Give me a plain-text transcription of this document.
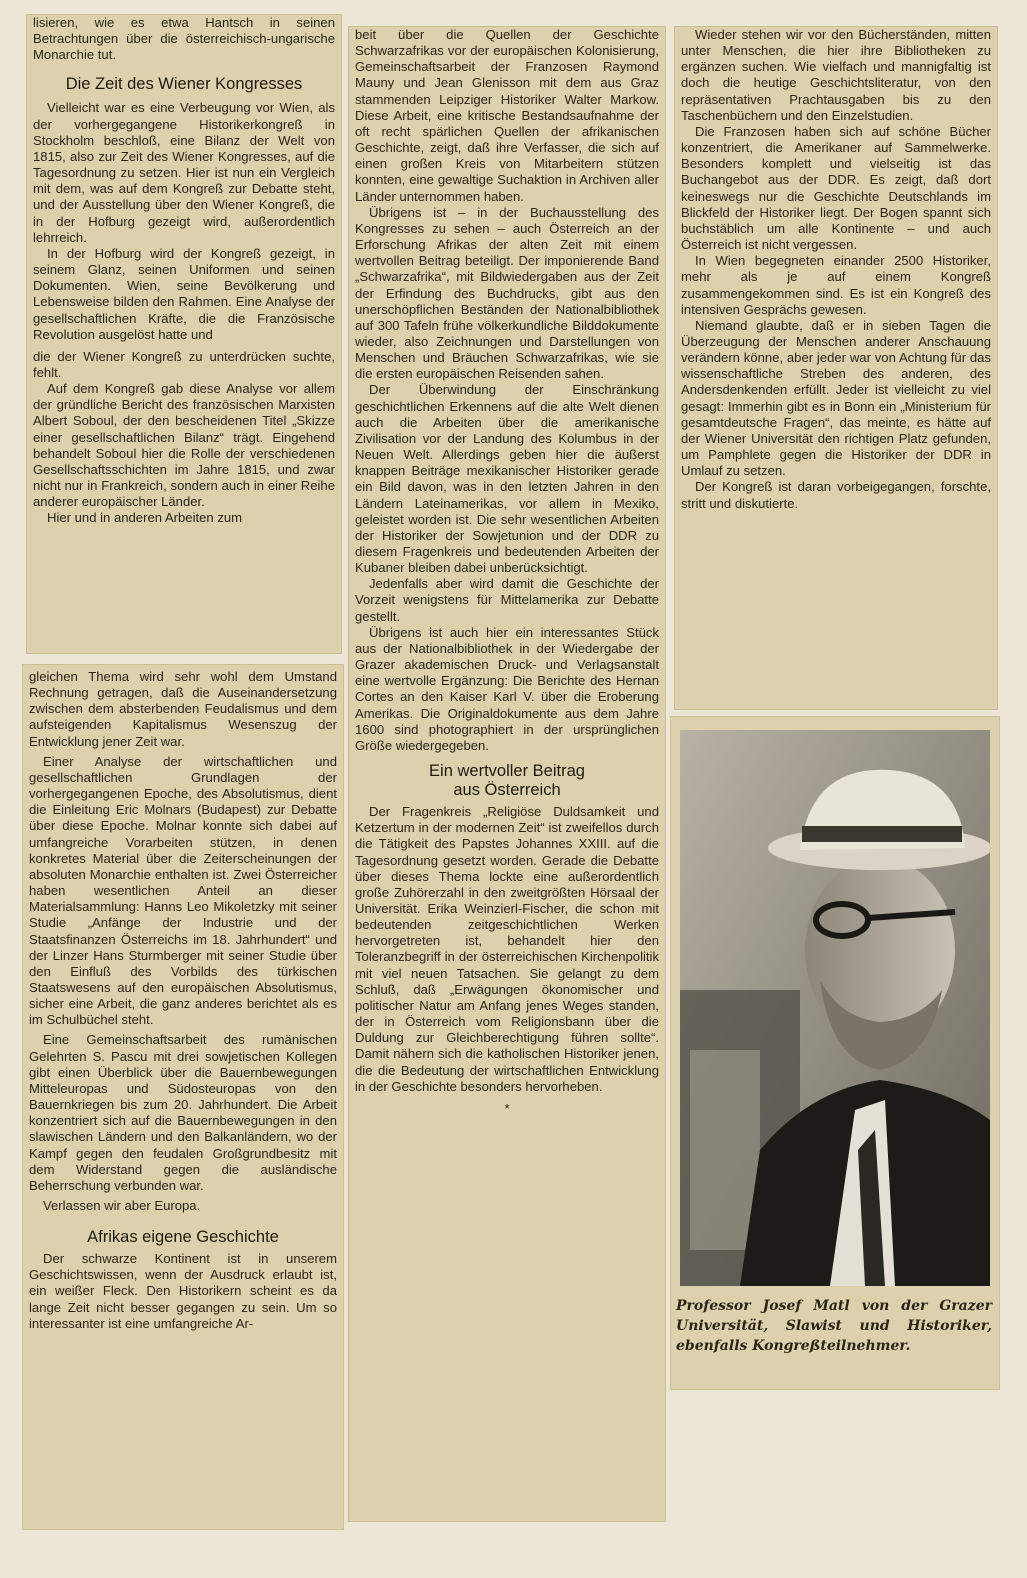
lisieren, wie es etwa Hantsch in seinen Betrachtungen über die österreichisch-ungarische Monarchie tut.

Die Zeit des Wiener Kongresses

Vielleicht war es eine Verbeugung vor Wien, als der vorhergegangene Historikerkongreß in Stockholm beschloß, eine Bilanz der Welt von 1815, also zur Zeit des Wiener Kongresses, auf die Tagesordnung zu setzen. Hier ist nun ein Vergleich mit dem, was auf dem Kongreß zur Debatte steht, und der Ausstellung über den Wiener Kongreß, die in der Hofburg gezeigt wird, außerordentlich lehrreich.

In der Hofburg wird der Kongreß gezeigt, in seinem Glanz, seinen Uniformen und seinen Dokumenten. Wien, seine Bevölkerung und Lebensweise bilden den Rahmen. Eine Analyse der gesellschaftlichen Kräfte, die die Französische Revolution ausgelöst hatte und

die der Wiener Kongreß zu unterdrücken suchte, fehlt.

Auf dem Kongreß gab diese Analyse vor allem der gründliche Bericht des französischen Marxisten Albert Soboul, der den bescheidenen Titel „Skizze einer gesellschaftlichen Bilanz“ trägt. Eingehend behandelt Soboul hier die Rolle der verschiedenen Gesellschaftsschichten im Jahre 1815, und zwar nicht nur in Frankreich, sondern auch in einer Reihe anderer europäischer Länder.

Hier und in anderen Arbeiten zum

gleichen Thema wird sehr wohl dem Umstand Rechnung getragen, daß die Auseinandersetzung zwischen dem absterbenden Feudalismus und dem aufsteigenden Kapitalismus Wesenszug der Entwicklung jener Zeit war.

Einer Analyse der wirtschaftlichen und gesellschaftlichen Grundlagen der vorhergegangenen Epoche, des Absolutismus, dient die Einleitung Eric Molnars (Budapest) zur Debatte über diese Epoche. Molnar konnte sich dabei auf umfangreiche Vorarbeiten stützen, in denen konkretes Material über die Zeiterscheinungen der absoluten Monarchie enthalten ist. Zwei Österreicher haben wesentlichen Anteil an dieser Materialsammlung: Hanns Leo Mikoletzky mit seiner Studie „Anfänge der Industrie und der Staatsfinanzen Österreichs im 18. Jahrhundert“ und der Linzer Hans Sturmberger mit seiner Studie über den Einfluß des Vorbilds des türkischen Staatswesens auf den europäischen Absolutismus, sicher eine Arbeit, die ganz anderes berichtet als es im Schulbüchel steht.

Eine Gemeinschaftsarbeit des rumänischen Gelehrten S. Pascu mit drei sowjetischen Kollegen gibt einen Überblick über die Bauernbewegungen Mitteleuropas und Südosteuropas von den Bauernkriegen bis zum 20. Jahrhundert. Die Arbeit konzentriert sich auf die Bauernbewegungen in den slawischen Ländern und den Balkanländern, wo der Kampf gegen den feudalen Großgrundbesitz mit dem Widerstand gegen die ausländische Beherrschung verbunden war.

Verlassen wir aber Europa.

Afrikas eigene Geschichte

Der schwarze Kontinent ist in unserem Geschichtswissen, wenn der Ausdruck erlaubt ist, ein weißer Fleck. Den Historikern scheint es da lange Zeit nicht besser gegangen zu sein. Um so interessanter ist eine umfangreiche Ar-

beit über die Quellen der Geschichte Schwarzafrikas vor der europäischen Kolonisierung, Gemeinschaftsarbeit der Franzosen Raymond Mauny und Jean Glenisson mit dem aus Graz stammenden Leipziger Historiker Walter Markow. Diese Arbeit, eine kritische Bestandsaufnahme der oft recht spärlichen Quellen der afrikanischen Geschichte, zeigt, daß ihre Verfasser, die sich auf einen großen Kreis von Mitarbeitern stützen konnten, eine gewaltige Suchaktion in Archiven aller Länder unternommen haben.

Übrigens ist – in der Buchausstellung des Kongresses zu sehen – auch Österreich an der Erforschung Afrikas der alten Zeit mit einem wertvollen Beitrag beteiligt. Der imponierende Band „Schwarzafrika“, mit Bildwiedergaben aus der Zeit der Erfindung des Buchdrucks, gibt aus den unerschöpflichen Beständen der Nationalbibliothek auf 300 Tafeln frühe völkerkundliche Bilddokumente wieder, also Zeichnungen und Darstellungen von Menschen und Bräuchen Schwarzafrikas, wie sie die ersten europäischen Reisenden sahen.

Der Überwindung der Einschränkung geschichtlichen Erkennens auf die alte Welt dienen auch die Arbeiten über die amerikanische Zivilisation vor der Landung des Kolumbus in der Neuen Welt. Allerdings geben hier die äußerst knappen Beiträge mexikanischer Historiker gerade ein Bild davon, was in den letzten Jahren in den Ländern Lateinamerikas, vor allem in Mexiko, geleistet worden ist. Die sehr wesentlichen Arbeiten der Historiker der Sowjetunion und der DDR zu diesem Fragenkreis und bedeutenden Arbeiten der Kubaner bleiben dabei unberücksichtigt.

Jedenfalls aber wird damit die Geschichte der Vorzeit wenigstens für Mittelamerika zur Debatte gestellt.

Übrigens ist auch hier ein interessantes Stück aus der Nationalbibliothek in der Wiedergabe der Grazer akademischen Druck- und Verlagsanstalt eine wertvolle Ergänzung: Die Berichte des Hernan Cortes an den Kaiser Karl V. über die Eroberung Amerikas. Die Originaldokumente aus dem Jahre 1600 sind photographiert in der ursprünglichen Größe wiedergegeben.

Ein wertvoller Beitrag
aus Österreich

Der Fragenkreis „Religiöse Duldsamkeit und Ketzertum in der modernen Zeit“ ist zweifellos durch die Tätigkeit des Papstes Johannes XXIII. auf die Tagesordnung gesetzt worden. Gerade die Debatte über dieses Thema lockte eine außerordentlich große Zuhörerzahl in den zweitgrößten Hörsaal der Universität. Erika Weinzierl-Fischer, die schon mit bedeutenden zeitgeschichtlichen Werken hervorgetreten ist, behandelt hier den Toleranzbegriff in der österreichischen Kirchenpolitik mit viel neuen Tatsachen. Sie gelangt zu dem Schluß, daß „Erwägungen ökonomischer und politischer Natur am Anfang jenes Weges standen, der in Österreich vom Religionsbann über die Duldung zur Gleichberechtigung führen sollte“. Damit nähern sich die katholischen Historiker jenen, die die Bedeutung der wirtschaftlichen Entwicklung in der Geschichte besonders hervorheben.

*

Wieder stehen wir vor den Bücherständen, mitten unter Menschen, die hier ihre Bibliotheken zu ergänzen suchen. Wie vielfach und mannigfaltig ist doch die heutige Geschichtsliteratur, von den repräsentativen Prachtausgaben bis zu den Taschenbüchern und den Einzelstudien.

Die Franzosen haben sich auf schöne Bücher konzentriert, die Amerikaner auf Sammelwerke. Besonders komplett und vielseitig ist das Buchangebot aus der DDR. Es zeigt, daß dort keineswegs nur die Geschichte Deutschlands im Blickfeld der Historiker liegt. Der Bogen spannt sich buchstäblich um alle Kontinente – und auch Österreich ist nicht vergessen.

In Wien begegneten einander 2500 Historiker, mehr als je auf einem Kongreß zusammengekommen sind. Es ist ein Kongreß des intensiven Gesprächs gewesen.

Niemand glaubte, daß er in sieben Tagen die Überzeugung der Menschen anderer Anschauung verändern könne, aber jeder war von Achtung für das wissenschaftliche Streben des anderen, des Andersdenkenden erfüllt. Jeder ist vielleicht zu viel gesagt: Immerhin gibt es in Bonn ein „Ministerium für gesamtdeutsche Fragen“, das meinte, es hätte auf der Wiener Universität den richtigen Platz gefunden, um Pamphlete gegen die Historiker der DDR in Umlauf zu setzen.

Der Kongreß ist daran vorbeigegangen, forschte, stritt und diskutierte.

Professor Josef Matl von der Grazer Universität, Slawist und Historiker, ebenfalls Kongreßteilnehmer.
